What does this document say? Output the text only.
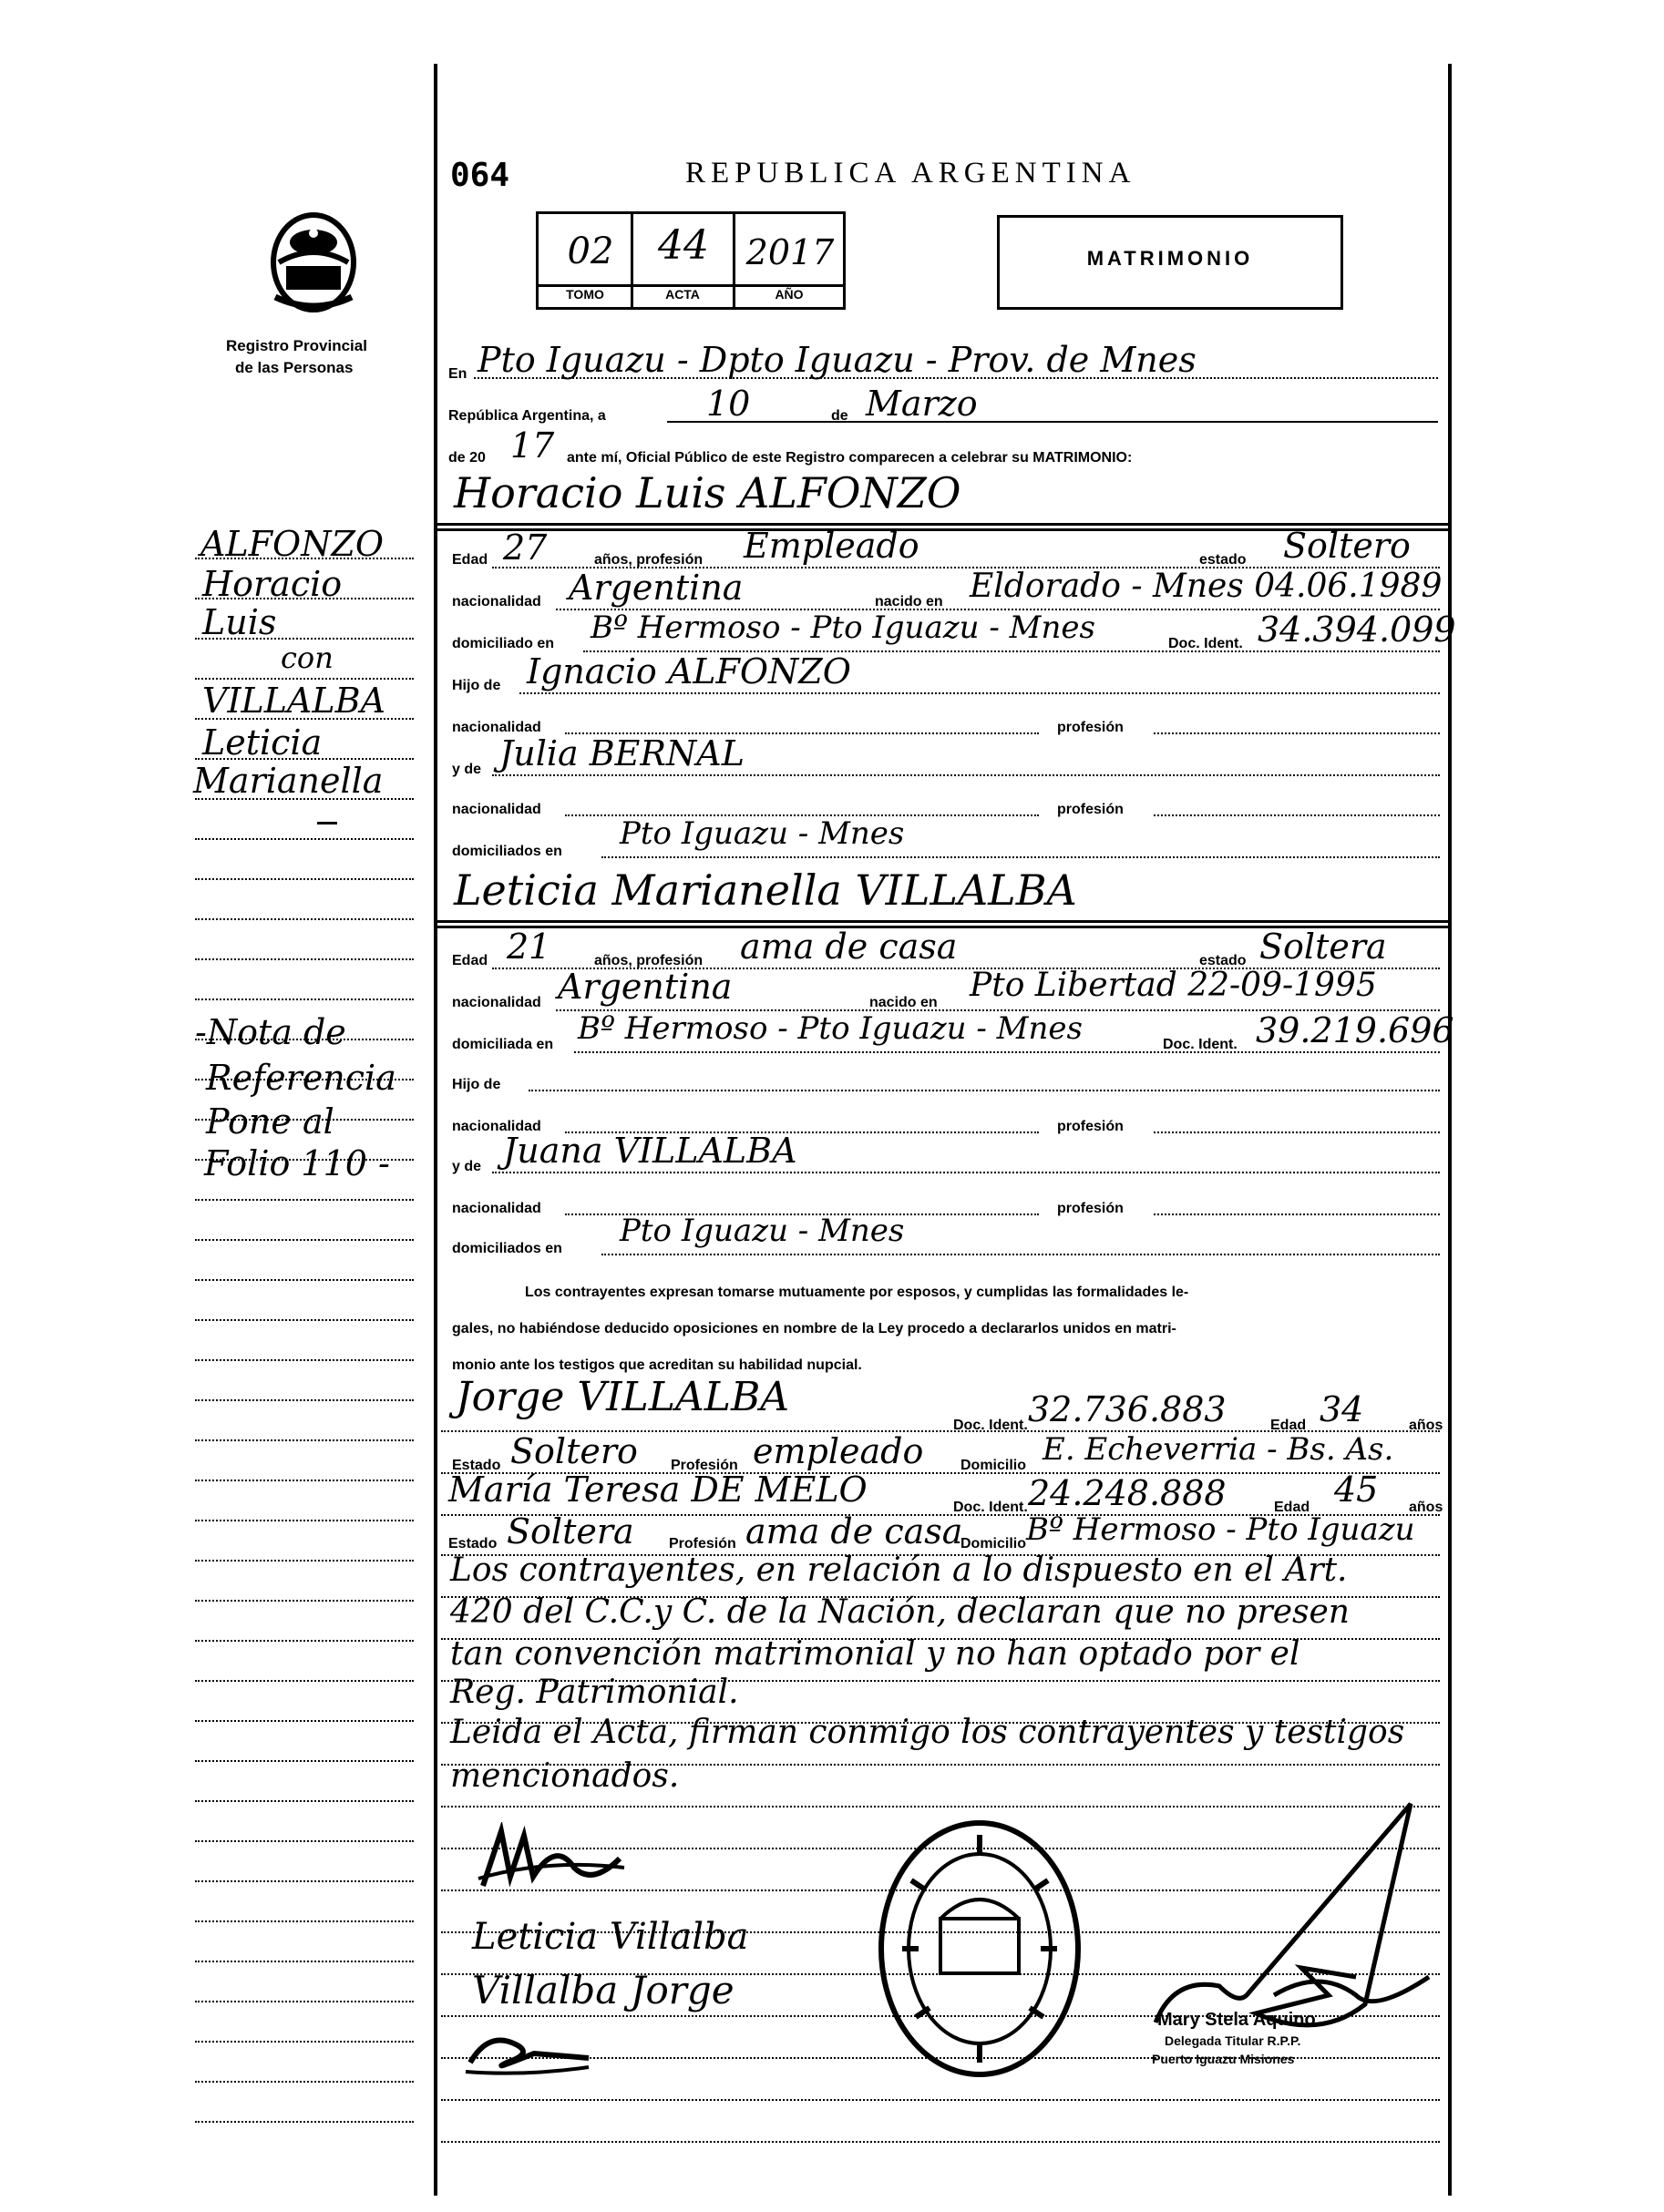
064	REPUBLICA ARGENTINA
Registro Provincial
de las Personas
02	44	2017
TOMO	ACTA	AÑO
MATRIMONIO
En Pto Iguazu - Dpto Iguazu - Prov. de Mnes
República Argentina, a	10	de Marzo
de 20 17 ante mí, Oficial Público de este Registro comparecen a celebrar su MATRIMONIO:
Horacio Luis ALFONZO
Edad 27	años, profesión Empleado	estado Soltero
nacionalidad Argentina	nacido en Eldorado - Mnes 04.06.1989
domiciliado en Bº Hermoso - Pto Iguazu - Mnes	Doc. Ident. 34.394.099
Hijo de Ignacio ALFONZO
nacionalidad	profesión
y de Julia BERNAL
nacionalidad	profesión
domiciliados en Pto Iguazu - Mnes
Leticia Marianella VILLALBA
Edad 21	años, profesión ama de casa	estado Soltera
nacionalidad Argentina	nacido en Pto Libertad 22-09-1995
domiciliada en Bº Hermoso - Pto Iguazu - Mnes	Doc. Ident. 39.219.696
Hijo de
nacionalidad	profesión
y de Juana VILLALBA
nacionalidad	profesión
domiciliados en Pto Iguazu - Mnes
Los contrayentes expresan tomarse mutuamente por esposos, y cumplidas las formalidades le-
gales, no habiéndose deducido oposiciones en nombre de la Ley procedo a declararlos unidos en matri-
monio ante los testigos que acreditan su habilidad nupcial.
Jorge VILLALBA
Doc. Ident. 32.736.883	Edad 34	años
Estado Soltero Profesión empleado	Domicilio E. Echeverria - Bs. As.
María Teresa DE MELO	Doc. Ident. 24.248.888	Edad 45 años
Estado Soltera Profesión ama de casa
Domicilio Bº Hermoso - Pto Iguazu
Los contrayentes, en relación a lo dispuesto en el Art.
420 del C.C.y C. de la Nación, declaran que no presen
tan convención matrimonial y no han optado por el
Reg. Patrimonial.
Leida el Acta, firman conmigo los contrayentes y testigos
mencionados.
ALFONZO
Horacio
Luis
con
VILLALBA
Leticia
Marianella
-Nota de
Referencia
Pone al
Folio 110 -
Leticia Villalba
Villalba Jorge
Mary Stela Aquino
Delegada Titular R.P.P.
Puerto Iguazu Misiones
